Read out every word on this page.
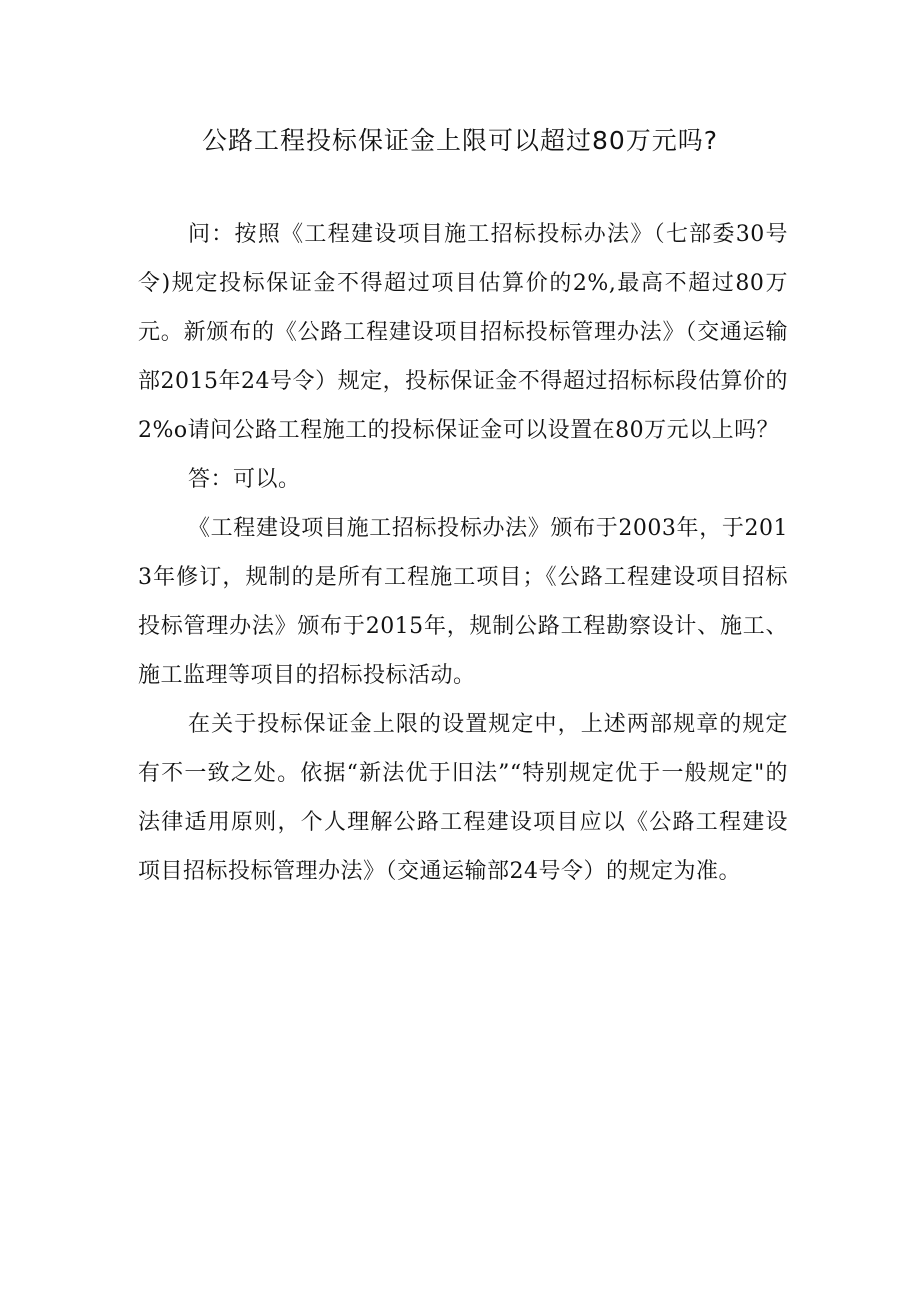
公路工程投标保证金上限可以超过80万元吗?

问：按照《工程建设项目施工招标投标办法》（七部委30号令)规定投标保证金不得超过项目估算价的2%,最高不超过80万元。新颁布的《公路工程建设项目招标投标管理办法》（交通运输部2015年24号令）规定，投标保证金不得超过招标标段估算价的2%o请问公路工程施工的投标保证金可以设置在80万元以上吗？

答：可以。

《工程建设项目施工招标投标办法》颁布于2003年，于2013年修订，规制的是所有工程施工项目；《公路工程建设项目招标投标管理办法》颁布于2015年，规制公路工程勘察设计、施工、施工监理等项目的招标投标活动。

在关于投标保证金上限的设置规定中，上述两部规章的规定有不一致之处。依据“新法优于旧法”“特别规定优于一般规定"的法律适用原则，个人理解公路工程建设项目应以《公路工程建设项目招标投标管理办法》（交通运输部24号令）的规定为准。
